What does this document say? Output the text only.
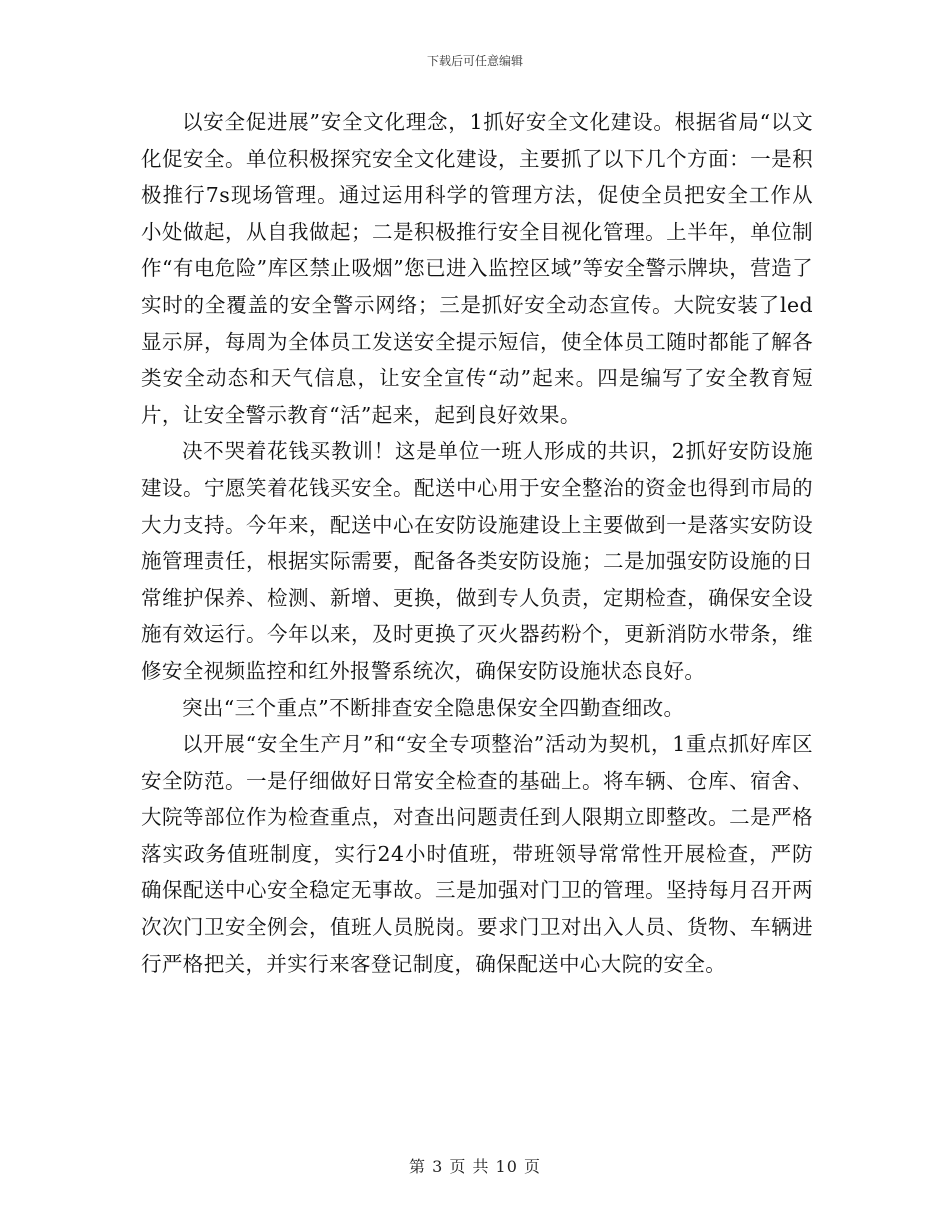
下载后可任意编辑

以安全促进展”安全文化理念，1抓好安全文化建设。根据省局“以文化促安全。单位积极探究安全文化建设，主要抓了以下几个方面：一是积极推行7s现场管理。通过运用科学的管理方法，促使全员把安全工作从小处做起，从自我做起；二是积极推行安全目视化管理。上半年，单位制作“有电危险”库区禁止吸烟”您已进入监控区域”等安全警示牌块，营造了实时的全覆盖的安全警示网络；三是抓好安全动态宣传。大院安装了led显示屏，每周为全体员工发送安全提示短信，使全体员工随时都能了解各类安全动态和天气信息，让安全宣传“动”起来。四是编写了安全教育短片，让安全警示教育“活”起来，起到良好效果。

决不哭着花钱买教训！这是单位一班人形成的共识，2抓好安防设施建设。宁愿笑着花钱买安全。配送中心用于安全整治的资金也得到市局的大力支持。今年来，配送中心在安防设施建设上主要做到一是落实安防设施管理责任，根据实际需要，配备各类安防设施；二是加强安防设施的日常维护保养、检测、新增、更换，做到专人负责，定期检查，确保安全设施有效运行。今年以来，及时更换了灭火器药粉个，更新消防水带条，维修安全视频监控和红外报警系统次，确保安防设施状态良好。

突出“三个重点”不断排查安全隐患保安全四勤查细改。

以开展“安全生产月”和“安全专项整治”活动为契机，1重点抓好库区安全防范。一是仔细做好日常安全检查的基础上。将车辆、仓库、宿舍、大院等部位作为检查重点，对查出问题责任到人限期立即整改。二是严格落实政务值班制度，实行24小时值班，带班领导常常性开展检查，严防确保配送中心安全稳定无事故。三是加强对门卫的管理。坚持每月召开两次次门卫安全例会，值班人员脱岗。要求门卫对出入人员、货物、车辆进行严格把关，并实行来客登记制度，确保配送中心大院的安全。

第 3 页 共 10 页
